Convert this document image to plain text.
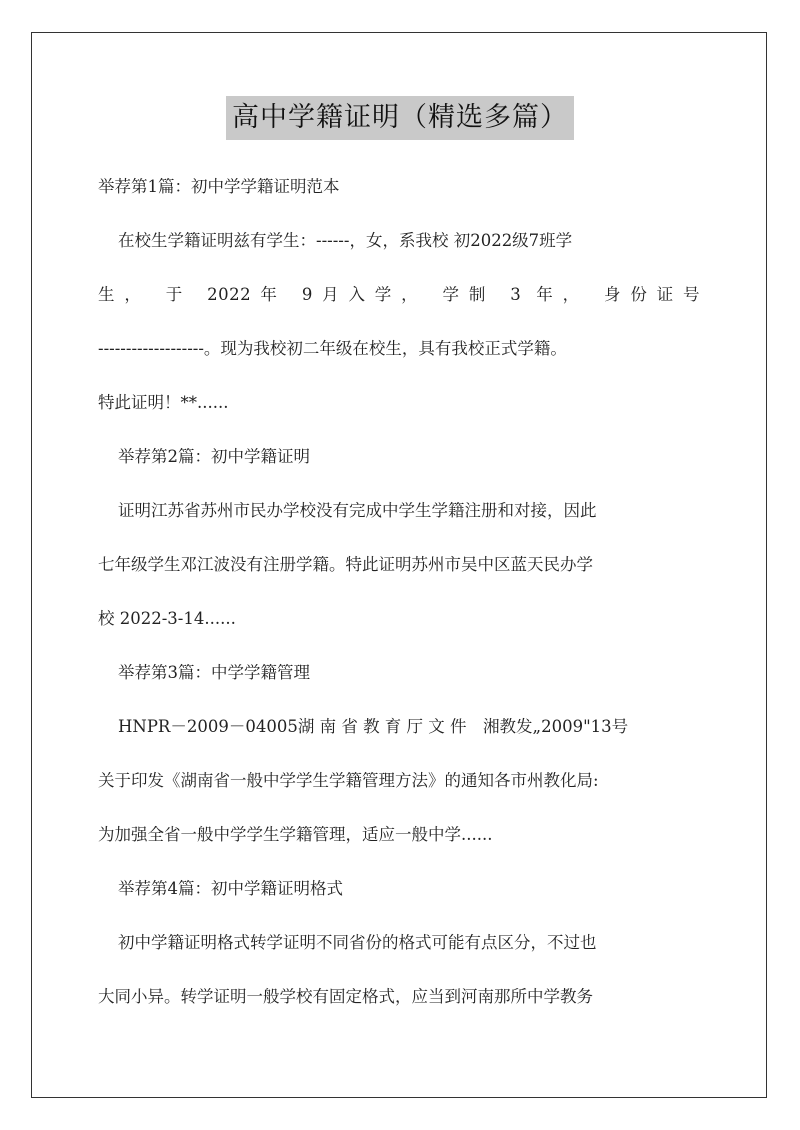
高中学籍证明（精选多篇）

举荐第1篇：初中学学籍证明范本

在校生学籍证明兹有学生：------，女，系我校 初2022级7班学

生， 于 2022年 9月入学， 学制 3 年， 身份证号

-------------------。现为我校初二年级在校生，具有我校正式学籍。

特此证明！**......

举荐第2篇：初中学籍证明

证明江苏省苏州市民办学校没有完成中学生学籍注册和对接，因此

七年级学生邓江波没有注册学籍。特此证明苏州市吴中区蓝天民办学

校 2022-3-14......

举荐第3篇：中学学籍管理

HNPR－2009－04005湖 南 省 教 育 厅 文 件　湘教发„2009"13号

关于印发《湖南省一般中学学生学籍管理方法》的通知各市州教化局:

为加强全省一般中学学生学籍管理，适应一般中学......

举荐第4篇：初中学籍证明格式

初中学籍证明格式转学证明不同省份的格式可能有点区分，不过也

大同小异。转学证明一般学校有固定格式，应当到河南那所中学教务
